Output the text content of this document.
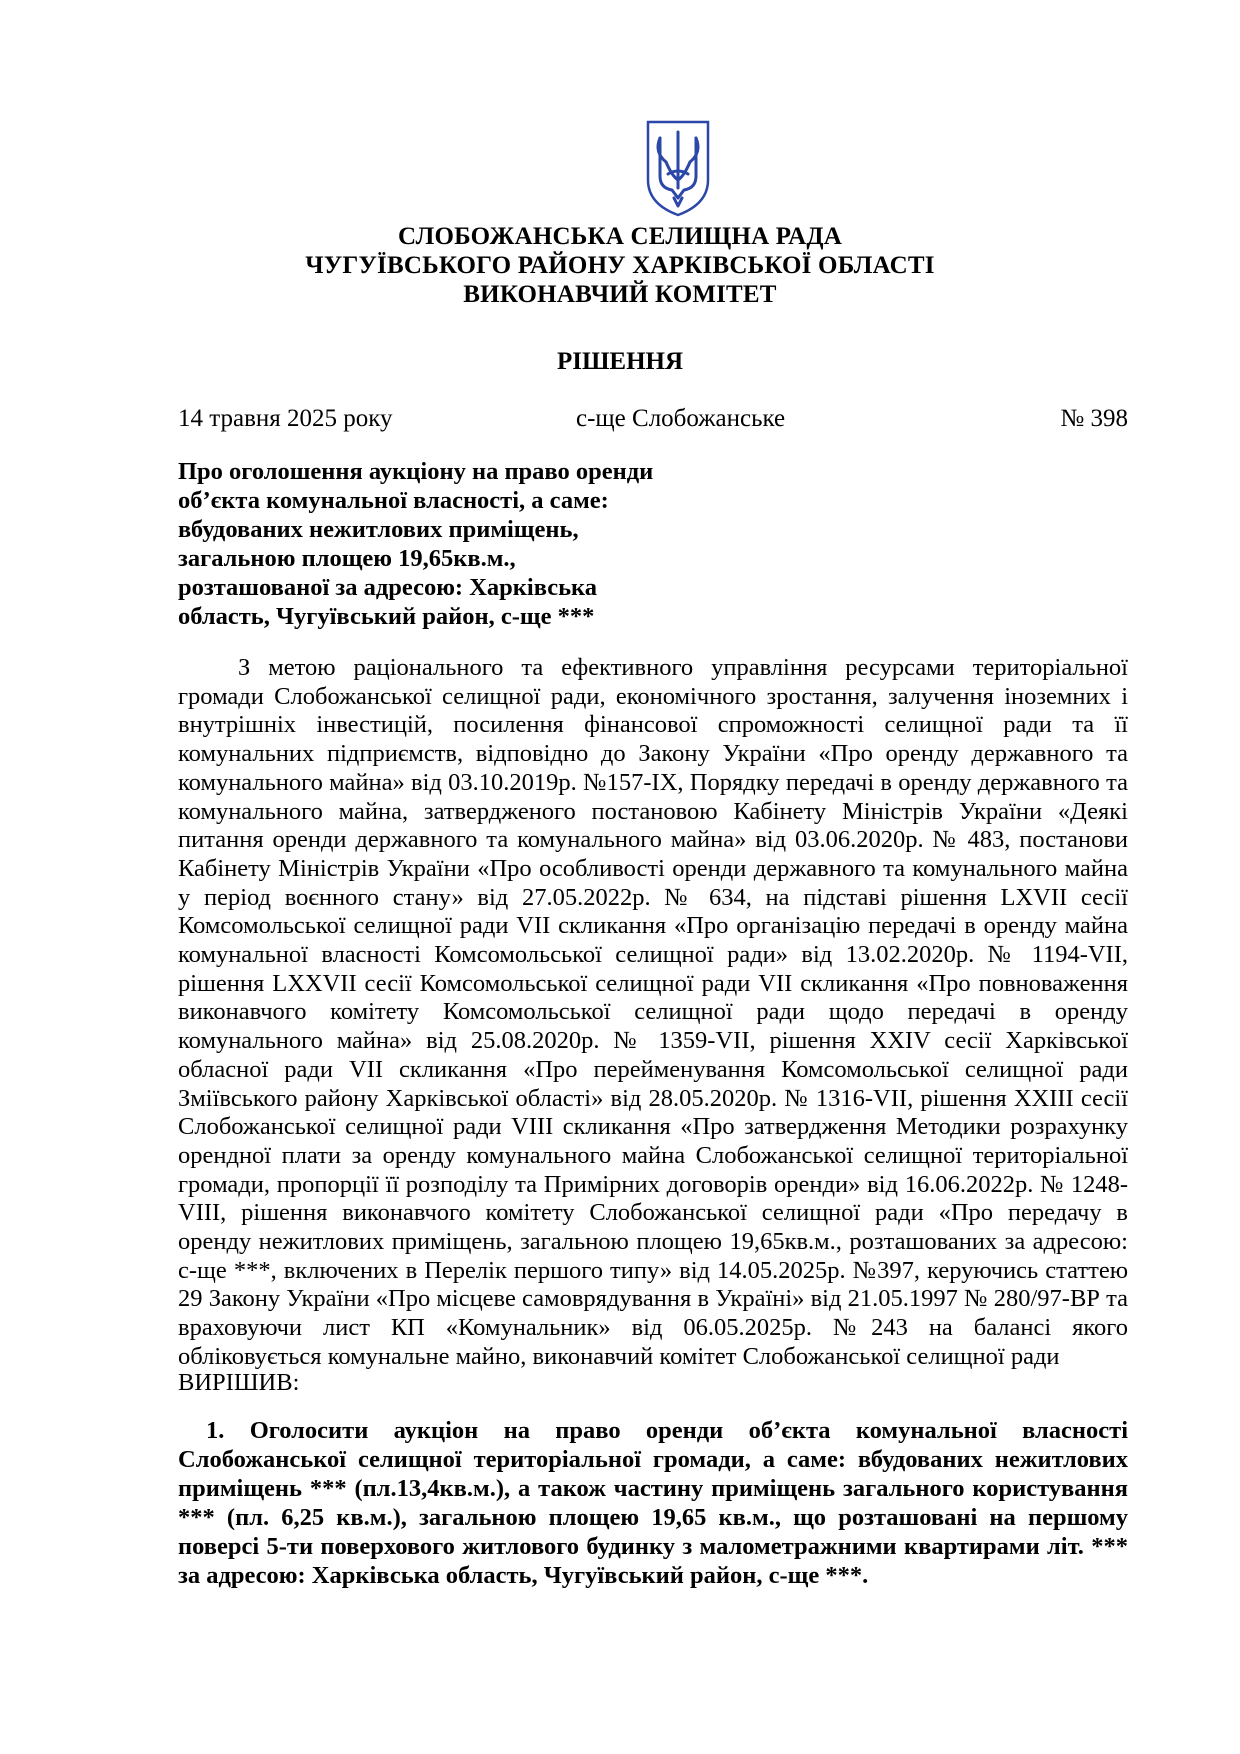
СЛОБОЖАНСЬКА СЕЛИЩНА РАДА
ЧУГУЇВСЬКОГО РАЙОНУ ХАРКІВСЬКОЇ ОБЛАСТІ
ВИКОНАВЧИЙ КОМІТЕТ
РІШЕННЯ
14 травня 2025 року	с-ще Слобожанське	№ 398
Про оголошення аукціону на право оренди
об’єкта комунальної власності, а саме:
вбудованих нежитлових приміщень,
загальною площею 19,65кв.м.,
розташованої за адресою: Харківська
область, Чугуївський район, с-ще ***

З метою раціонального та ефективного управління ресурсами територіальної громади Слобожанської селищної ради, економічного зростання, залучення іноземних і внутрішніх інвестицій, посилення фінансової спроможності селищної ради та її комунальних підприємств, відповідно до Закону України «Про оренду державного та комунального майна» від 03.10.2019р. №157-IX, Порядку передачі в оренду державного та комунального майна, затвердженого постановою Кабінету Міністрів України «Деякі питання оренди державного та комунального майна» від 03.06.2020р. № 483, постанови Кабінету Міністрів України «Про особливості оренди державного та комунального майна у період воєнного стану» від 27.05.2022р. № 634, на підставі рішення LXVII сесії Комсомольської селищної ради VII скликання «Про організацію передачі в оренду майна комунальної власності Комсомольської селищної ради» від 13.02.2020р. № 1194-VII, рішення LXXVII сесії Комсомольської селищної ради VII скликання «Про повноваження виконавчого комітету Комсомольської селищної ради щодо передачі в оренду комунального майна» від 25.08.2020р. № 1359-VII, рішення XXIV сесії Харківської обласної ради VII скликання «Про перейменування Комсомольської селищної ради Зміївського району Харківської області» від 28.05.2020р. № 1316-VII, рішення XXIII сесії Слобожанської селищної ради VIII скликання «Про затвердження Методики розрахунку орендної плати за оренду комунального майна Слобожанської селищної територіальної громади, пропорції її розподілу та Примірних договорів оренди» від 16.06.2022р. № 1248-VIII, рішення виконавчого комітету Слобожанської селищної ради «Про передачу в оренду нежитлових приміщень, загальною площею 19,65кв.м., розташованих за адресою: с-ще ***, включених в Перелік першого типу» від 14.05.2025р. №397, керуючись статтею 29 Закону України «Про місцеве самоврядування в Україні» від 21.05.1997 № 280/97-ВР та враховуючи лист КП «Комунальник» від 06.05.2025р. №243 на балансі якого обліковується комунальне майно, виконавчий комітет Слобожанської селищної ради

ВИРІШИВ:

1. Оголосити аукціон на право оренди об’єкта комунальної власності Слобожанської селищної територіальної громади, а саме: вбудованих нежитлових приміщень *** (пл.13,4кв.м.), а також частину приміщень загального користування *** (пл. 6,25 кв.м.), загальною площею 19,65 кв.м., що розташовані на першому поверсі 5-ти поверхового житлового будинку з малометражними квартирами літ. *** за адресою: Харківська область, Чугуївський район, с-ще ***.
